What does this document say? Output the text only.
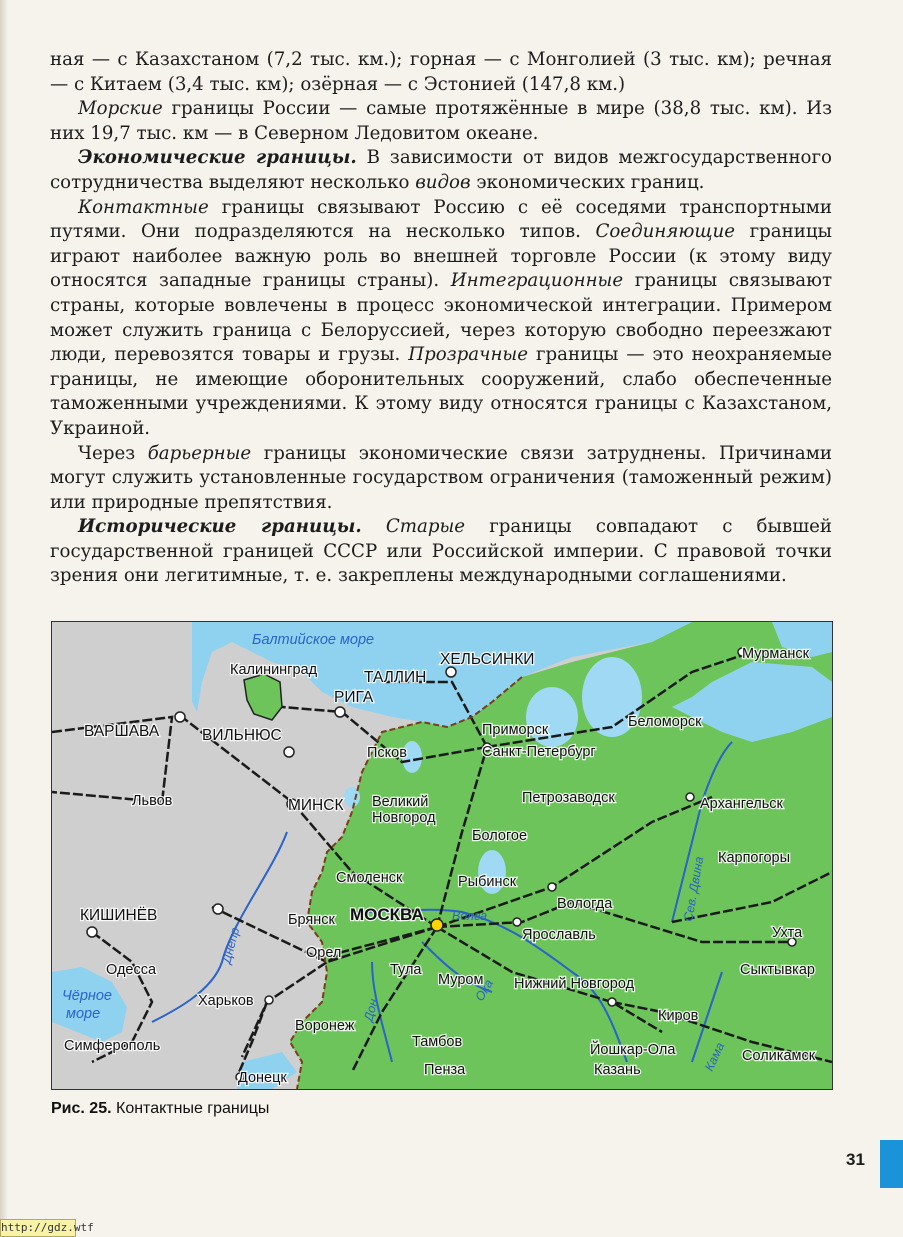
ная — с Казахстаном (7,2 тыс. км.); горная — с Монголией (3 тыс. км); речная — с Китаем (3,4 тыс. км); озёрная — с Эстонией (147,8 км.)

Морские границы России — самые протяжённые в мире (38,8 тыс. км). Из них 19,7 тыс. км — в Северном Ледовитом океане.

Экономические границы. В зависимости от видов межгосударственного сотрудничества выделяют несколько видов экономических границ.

Контактные границы связывают Россию с её соседями транспортными путями. Они подразделяются на несколько типов. Соединяющие границы играют наиболее важную роль во внешней торговле России (к этому виду относятся западные границы страны). Интеграционные границы связывают страны, которые вовлечены в процесс экономической интеграции. Примером может служить граница с Белоруссией, через которую свободно переезжают люди, перевозятся товары и грузы. Прозрачные границы — это неохраняемые границы, не имеющие оборонительных сооружений, слабо обеспеченные таможенными учреждениями. К этому виду относятся границы с Казахстаном, Украиной.

Через барьерные границы экономические связи затруднены. Причинами могут служить установленные государством ограничения (таможенный режим) или природные препятствия.

Исторические границы. Старые границы совпадают с бывшей государственной границей СССР или Российской империи. С правовой точки зрения они легитимные, т. е. закреплены международными соглашениями.

Балтийское море
Чёрное
море
Днепр
Волга
Дон
Ока
Кама
Сев. Двина
Мурманск
Калининград	ТАЛЛИН
ХЕЛЬСИНКИ
РИГА
Приморск	Беломорск
ВАРШАВА	ВИЛЬНЮС
Псков	Санкт-Петербург
Львов	Петрозаводск	Архангельск
МИНСК Великий
Новгород
Бологое
Карпогоры
Смоленск	Рыбинск
Вологда
КИШИНЁВ	Брянск МОСКВА
Ухта
Ярославль
Орел
Одесса	Тула	Сыктывкар
Муром Нижний Новгород
Харьков
Киров
Воронеж
Симферополь	Тамбов	Йошкар-Ола	Соликамск
Казань
Пенза
Донецк
Рис. 25. Контактные границы
31
http://gdz.wtf
